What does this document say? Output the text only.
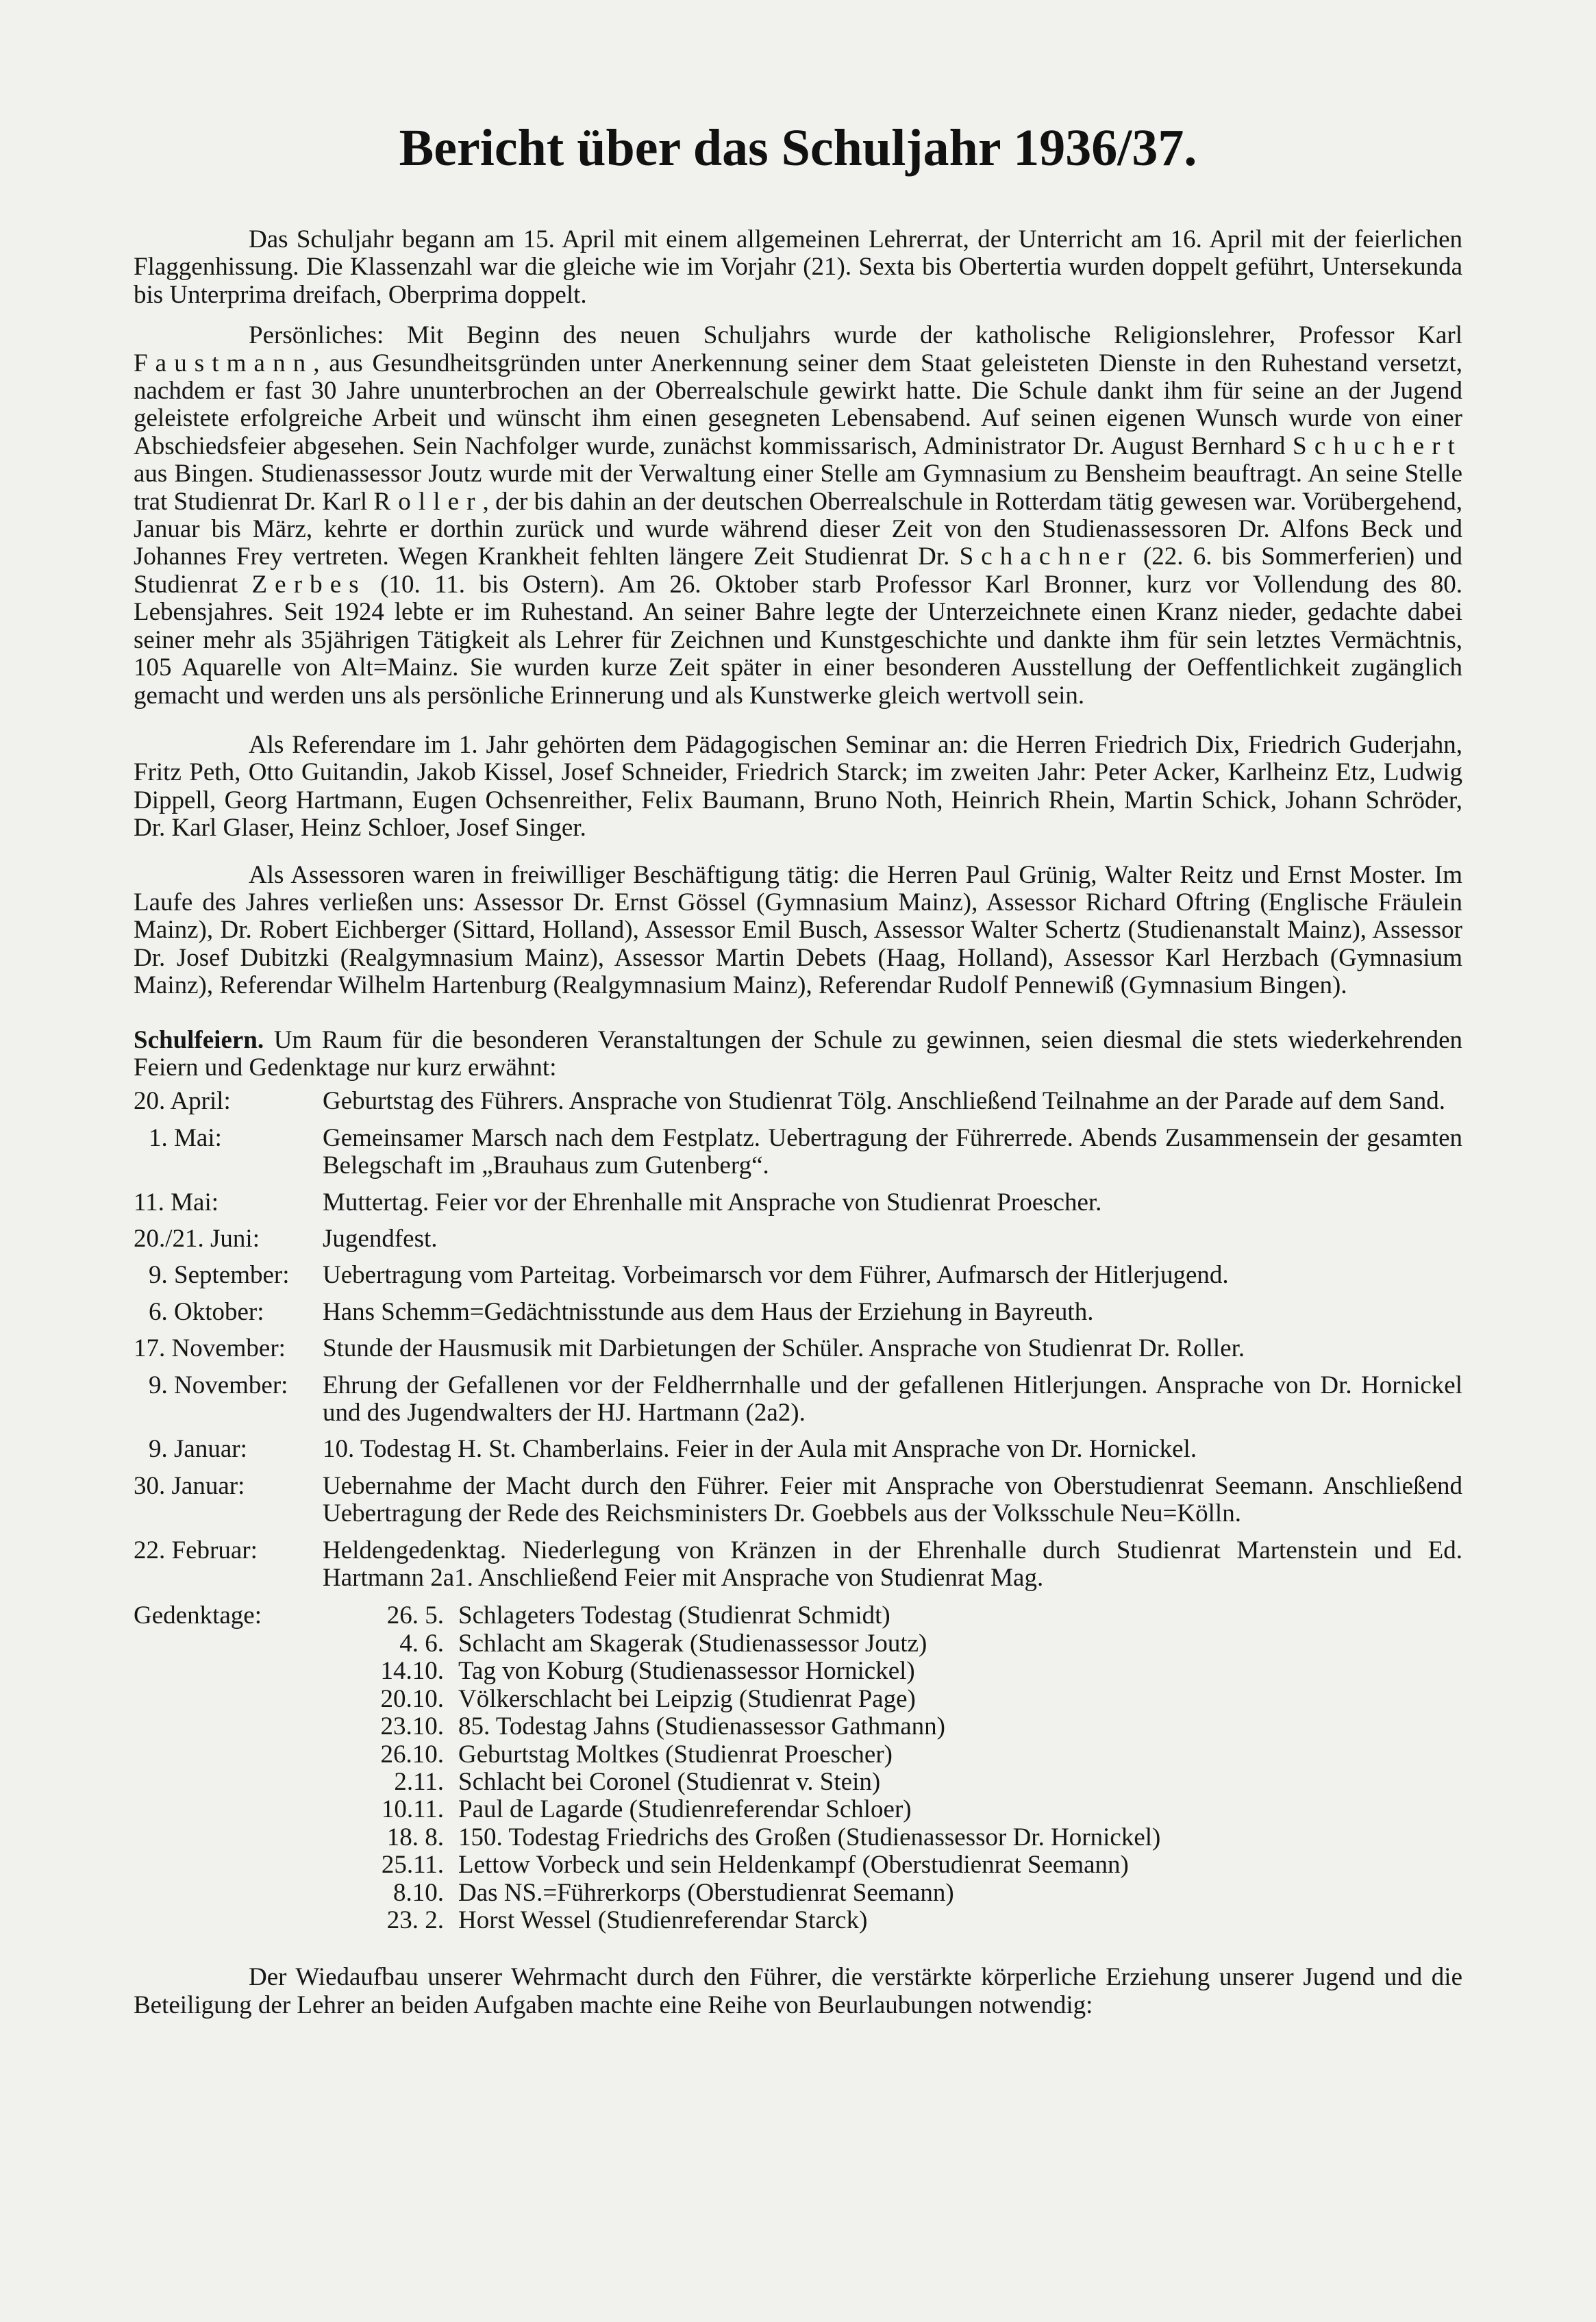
Bericht über das Schuljahr 1936/37.

Das Schuljahr begann am 15. April mit einem allgemeinen Lehrerrat, der Unterricht am 16. April mit der feierlichen Flaggenhissung. Die Klassenzahl war die gleiche wie im Vorjahr (21). Sexta bis Obertertia wurden doppelt geführt, Untersekunda bis Unterprima dreifach, Oberprima doppelt.

Persönliches: Mit Beginn des neuen Schuljahrs wurde der katholische Religionslehrer, Professor Karl Faustmann, aus Gesundheitsgründen unter Anerkennung seiner dem Staat geleisteten Dienste in den Ruhestand versetzt, nachdem er fast 30 Jahre ununterbrochen an der Oberrealschule gewirkt hatte. Die Schule dankt ihm für seine an der Jugend geleistete erfolgreiche Arbeit und wünscht ihm einen gesegneten Lebensabend. Auf seinen eigenen Wunsch wurde von einer Abschiedsfeier abgesehen. Sein Nachfolger wurde, zunächst kommissarisch, Administrator Dr. August Bernhard Schuchert aus Bingen. Studienassessor Joutz wurde mit der Verwaltung einer Stelle am Gymnasium zu Bensheim beauftragt. An seine Stelle trat Studienrat Dr. Karl Roller, der bis dahin an der deutschen Oberrealschule in Rotterdam tätig gewesen war. Vorübergehend, Januar bis März, kehrte er dorthin zurück und wurde während dieser Zeit von den Studienassessoren Dr. Alfons Beck und Johannes Frey vertreten. Wegen Krankheit fehlten längere Zeit Studienrat Dr. Schachner (22. 6. bis Sommerferien) und Studienrat Zerbes (10. 11. bis Ostern). Am 26. Oktober starb Professor Karl Bronner, kurz vor Vollendung des 80. Lebensjahres. Seit 1924 lebte er im Ruhestand. An seiner Bahre legte der Unterzeichnete einen Kranz nieder, gedachte dabei seiner mehr als 35jährigen Tätigkeit als Lehrer für Zeichnen und Kunstgeschichte und dankte ihm für sein letztes Vermächtnis, 105 Aquarelle von Alt=Mainz. Sie wurden kurze Zeit später in einer besonderen Ausstellung der Oeffentlichkeit zugänglich gemacht und werden uns als persönliche Erinnerung und als Kunstwerke gleich wertvoll sein.

Als Referendare im 1. Jahr gehörten dem Pädagogischen Seminar an: die Herren Friedrich Dix, Friedrich Guderjahn, Fritz Peth, Otto Guitandin, Jakob Kissel, Josef Schneider, Friedrich Starck; im zweiten Jahr: Peter Acker, Karlheinz Etz, Ludwig Dippell, Georg Hartmann, Eugen Ochsenreither, Felix Baumann, Bruno Noth, Heinrich Rhein, Martin Schick, Johann Schröder, Dr. Karl Glaser, Heinz Schloer, Josef Singer.

Als Assessoren waren in freiwilliger Beschäftigung tätig: die Herren Paul Grünig, Walter Reitz und Ernst Moster. Im Laufe des Jahres verließen uns: Assessor Dr. Ernst Gössel (Gymnasium Mainz), Assessor Richard Oftring (Englische Fräulein Mainz), Dr. Robert Eichberger (Sittard, Holland), Assessor Emil Busch, Assessor Walter Schertz (Studienanstalt Mainz), Assessor Dr. Josef Dubitzki (Realgymnasium Mainz), Assessor Martin Debets (Haag, Holland), Assessor Karl Herzbach (Gymnasium Mainz), Referendar Wilhelm Hartenburg (Realgymnasium Mainz), Referendar Rudolf Pennewiß (Gymnasium Bingen).

Schulfeiern. Um Raum für die besonderen Veranstaltungen der Schule zu gewinnen, seien diesmal die stets wiederkehrenden Feiern und Gedenktage nur kurz erwähnt:

20. April:	Geburtstag des Führers. Ansprache von Studienrat Tölg. Anschließend Teilnahme an der Parade auf dem Sand.
1. Mai:	Gemeinsamer Marsch nach dem Festplatz. Uebertragung der Führerrede. Abends Zusammensein der gesamten Belegschaft im „Brauhaus zum Gutenberg“.
11. Mai:	Muttertag. Feier vor der Ehrenhalle mit Ansprache von Studienrat Proescher.
20./21. Juni:	Jugendfest.
9. September:	Uebertragung vom Parteitag. Vorbeimarsch vor dem Führer, Aufmarsch der Hitlerjugend.
6. Oktober:	Hans Schemm=Gedächtnisstunde aus dem Haus der Erziehung in Bayreuth.
17. November:	Stunde der Hausmusik mit Darbietungen der Schüler. Ansprache von Studienrat Dr. Roller.
9. November:	Ehrung der Gefallenen vor der Feldherrnhalle und der gefallenen Hitlerjungen. Ansprache von Dr. Hornickel und des Jugendwalters der HJ. Hartmann (2a2).
9. Januar:	10. Todestag H. St. Chamberlains. Feier in der Aula mit Ansprache von Dr. Hornickel.
30. Januar:	Uebernahme der Macht durch den Führer. Feier mit Ansprache von Oberstudienrat Seemann. Anschließend Uebertragung der Rede des Reichsministers Dr. Goebbels aus der Volksschule Neu=Kölln.
22. Februar:	Heldengedenktag. Niederlegung von Kränzen in der Ehrenhalle durch Studienrat Martenstein und Ed. Hartmann 2a1. Anschließend Feier mit Ansprache von Studienrat Mag.
Gedenktage:	26. 5. Schlageters Todestag (Studienrat Schmidt)
4. 6. Schlacht am Skagerak (Studienassessor Joutz)
14.10. Tag von Koburg (Studienassessor Hornickel)
20.10. Völkerschlacht bei Leipzig (Studienrat Page)
23.10. 85. Todestag Jahns (Studienassessor Gathmann)
26.10. Geburtstag Moltkes (Studienrat Proescher)
2.11. Schlacht bei Coronel (Studienrat v. Stein)
10.11. Paul de Lagarde (Studienreferendar Schloer)
18. 8. 150. Todestag Friedrichs des Großen (Studienassessor Dr. Hornickel)
25.11. Lettow Vorbeck und sein Heldenkampf (Oberstudienrat Seemann)
8.10. Das NS.=Führerkorps (Oberstudienrat Seemann)
23. 2. Horst Wessel (Studienreferendar Starck)

Der Wiedaufbau unserer Wehrmacht durch den Führer, die verstärkte körperliche Erziehung unserer Jugend und die Beteiligung der Lehrer an beiden Aufgaben machte eine Reihe von Beurlaubungen notwendig:
